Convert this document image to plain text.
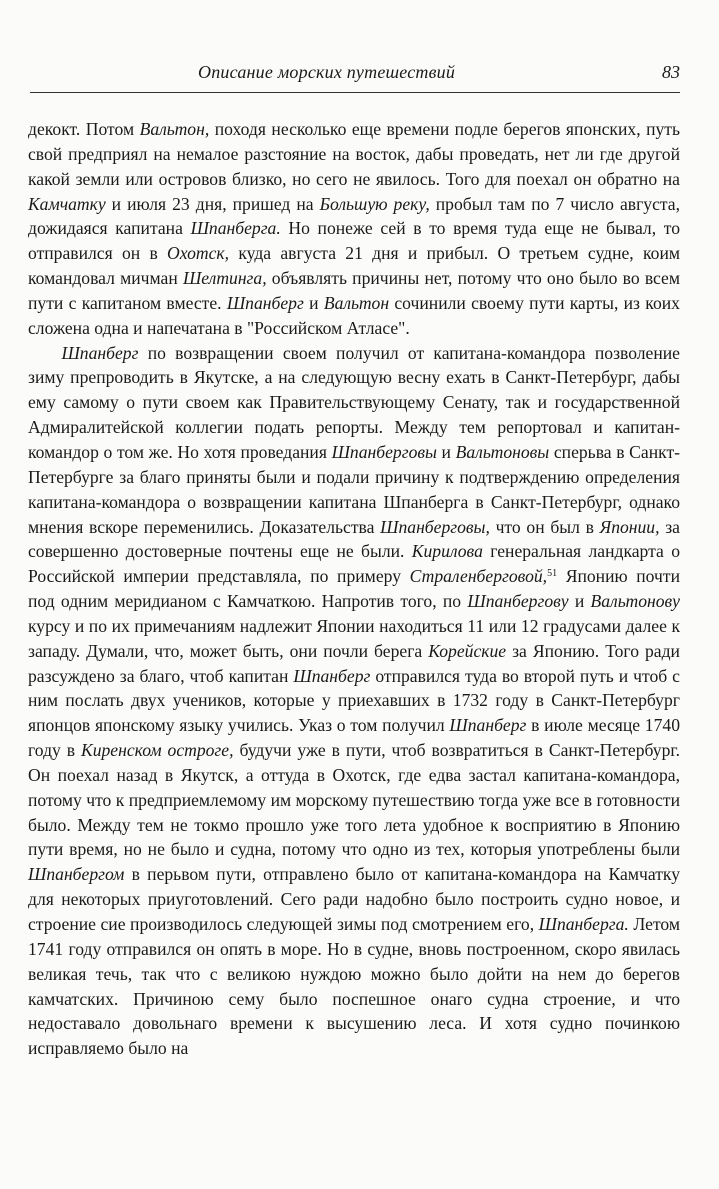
Описание морских путешествий	83

декокт. Потом Вальтон, походя несколько еще времени подле берегов японских, путь свой предприял на немалое разстояние на восток, дабы проведать, нет ли где другой какой земли или островов близко, но сего не явилось. Того для поехал он обратно на Камчатку и июля 23 дня, пришед на Большую реку, пробыл там по 7 число августа, дожидаяся капитана Шпанберга. Но понеже сей в то время туда еще не бывал, то отправился он в Охотск, куда августа 21 дня и прибыл. О третьем судне, коим командовал мичман Шелтинга, объявлять причины нет, потому что оно было во всем пути с капитаном вместе. Шпанберг и Вальтон сочинили своему пути карты, из коих сложена одна и напечатана в "Российском Атласе".

Шпанберг по возвращении своем получил от капитана-командора позволение зиму препроводить в Якутске, а на следующую весну ехать в Санкт-Петербург, дабы ему самому о пути своем как Правительствующему Сенату, так и государственной Адмиралитейской коллегии подать репорты. Между тем репортовал и капитан-командор о том же. Но хотя проведания Шпанберговы и Вальтоновы сперьва в Санкт-Петербурге за благо приняты были и подали причину к подтверждению определения капитана-командора о возвращении капитана Шпанберга в Санкт-Петербург, однако мнения вскоре переменились. Доказательства Шпанберговы, что он был в Японии, за совершенно достоверные почтены еще не были. Кирилова генеральная ландкарта о Российской империи представляла, по примеру Страленберговой,$^{51}$ Японию почти под одним меридианом с Камчаткою. Напротив того, по Шпанбергову и Вальтонову курсу и по их примечаниям надлежит Японии находиться 11 или 12 градусами далее к западу. Думали, что, может быть, они почли берега Корейские за Японию. Того ради разсуждено за благо, чтоб капитан Шпанберг отправился туда во второй путь и чтоб с ним послать двух учеников, которые у приехавших в 1732 году в Санкт-Петербург японцов японскому языку учились. Указ о том получил Шпанберг в июле месяце 1740 году в Киренском остроге, будучи уже в пути, чтоб возвратиться в Санкт-Петербург. Он поехал назад в Якутск, а оттуда в Охотск, где едва застал капитана-командора, потому что к предприемлемому им морскому путешествию тогда уже все в готовности было. Между тем не токмо прошло уже того лета удобное к восприятию в Японию пути время, но не было и судна, потому что одно из тех, которыя употреблены были Шпанбергом в перьвом пути, отправлено было от капитана-командора на Камчатку для некоторых приуготовлений. Сего ради надобно было построить судно новое, и строение сие производилось следующей зимы под смотрением его, Шпанберга. Летом 1741 году отправился он опять в море. Но в судне, вновь построенном, скоро явилась великая течь, так что с великою нуждою можно было дойти на нем до берегов камчатских. Причиною сему было поспешное онаго судна строение, и что недоставало довольнаго времени к высушению леса. И хотя судно починкою исправляемо было на
